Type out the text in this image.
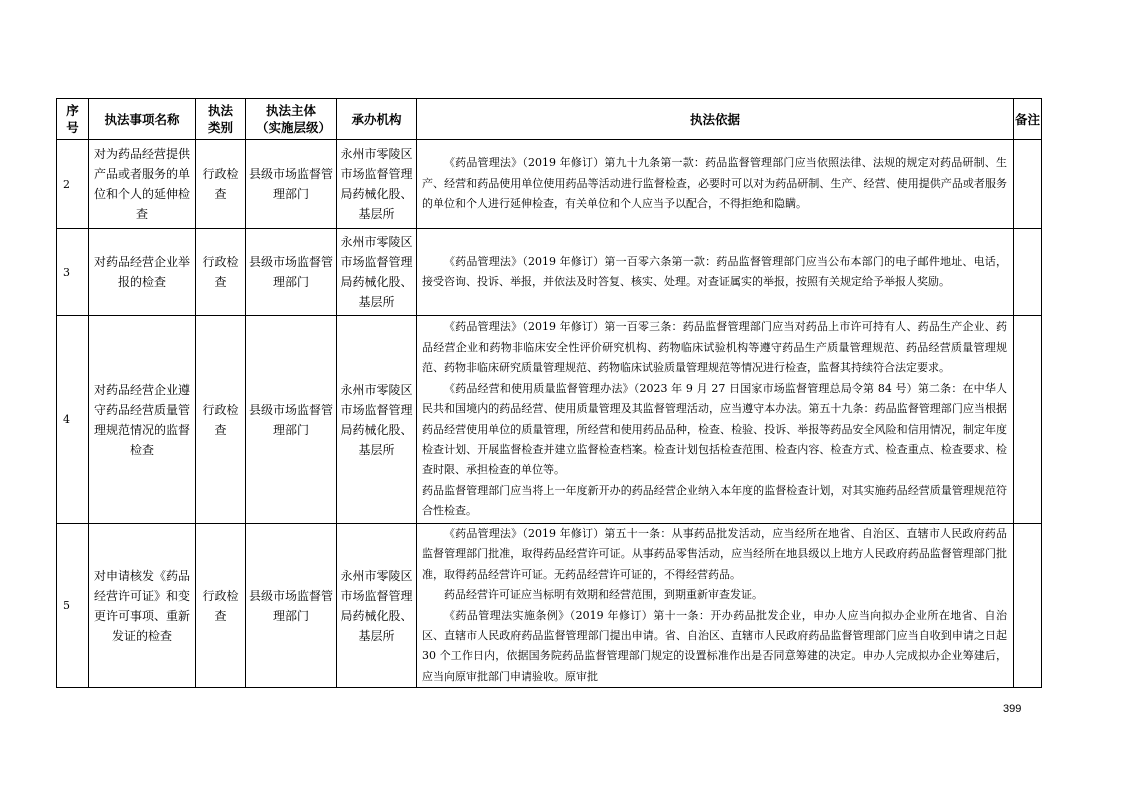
序号	执法事项名称	执法类别	执法主体（实施层级）	承办机构	执法依据	备注
2	对为药品经营提供产品或者服务的单位和个人的延伸检查	行政检查	县级市场监督管理部门	永州市零陵区市场监督管理局药械化股、基层所	《药品管理法》（2019 年修订）第九十九条第一款：药品监督管理部门应当依照法律、法规的规定对药品研制、生产、经营和药品使用单位使用药品等活动进行监督检查，必要时可以对为药品研制、生产、经营、使用提供产品或者服务的单位和个人进行延伸检查，有关单位和个人应当予以配合，不得拒绝和隐瞒。	

3	对药品经营企业举报的检查	行政检查	县级市场监督管理部门	永州市零陵区市场监督管理局药械化股、基层所	《药品管理法》（2019 年修订）第一百零六条第一款：药品监督管理部门应当公布本部门的电子邮件地址、电话，接受咨询、投诉、举报，并依法及时答复、核实、处理。对查证属实的举报，按照有关规定给予举报人奖励。	

4	对药品经营企业遵守药品经营质量管理规范情况的监督检查	行政检查	县级市场监督管理部门	永州市零陵区市场监督管理局药械化股、基层所	《药品管理法》（2019 年修订）第一百零三条：药品监督管理部门应当对药品上市许可持有人、药品生产企业、药品经营企业和药物非临床安全性评价研究机构、药物临床试验机构等遵守药品生产质量管理规范、药品经营质量管理规范、药物非临床研究质量管理规范、药物临床试验质量管理规范等情况进行检查，监督其持续符合法定要求。

《药品经营和使用质量监督管理办法》（2023 年 9 月 27 日国家市场监督管理总局令第 84 号）第二条：在中华人民共和国境内的药品经营、使用质量管理及其监督管理活动，应当遵守本办法。第五十九条：药品监督管理部门应当根据药品经营使用单位的质量管理，所经营和使用药品品种，检查、检验、投诉、举报等药品安全风险和信用情况，制定年度检查计划、开展监督检查并建立监督检查档案。检查计划包括检查范围、检查内容、检查方式、检查重点、检查要求、检查时限、承担检查的单位等。

药品监督管理部门应当将上一年度新开办的药品经营企业纳入本年度的监督检查计划，对其实施药品经营质量管理规范符合性检查。	

5	对申请核发《药品经营许可证》和变更许可事项、重新发证的检查	行政检查	县级市场监督管理部门	永州市零陵区市场监督管理局药械化股、基层所	《药品管理法》（2019 年修订）第五十一条：从事药品批发活动，应当经所在地省、自治区、直辖市人民政府药品监督管理部门批准，取得药品经营许可证。从事药品零售活动，应当经所在地县级以上地方人民政府药品监督管理部门批准，取得药品经营许可证。无药品经营许可证的，不得经营药品。

药品经营许可证应当标明有效期和经营范围，到期重新审查发证。

《药品管理法实施条例》（2019 年修订）第十一条：开办药品批发企业，申办人应当向拟办企业所在地省、自治区、直辖市人民政府药品监督管理部门提出申请。省、自治区、直辖市人民政府药品监督管理部门应当自收到申请之日起 30 个工作日内，依据国务院药品监督管理部门规定的设置标准作出是否同意筹建的决定。申办人完成拟办企业筹建后，应当向原审批部门申请验收。原审批	

399
